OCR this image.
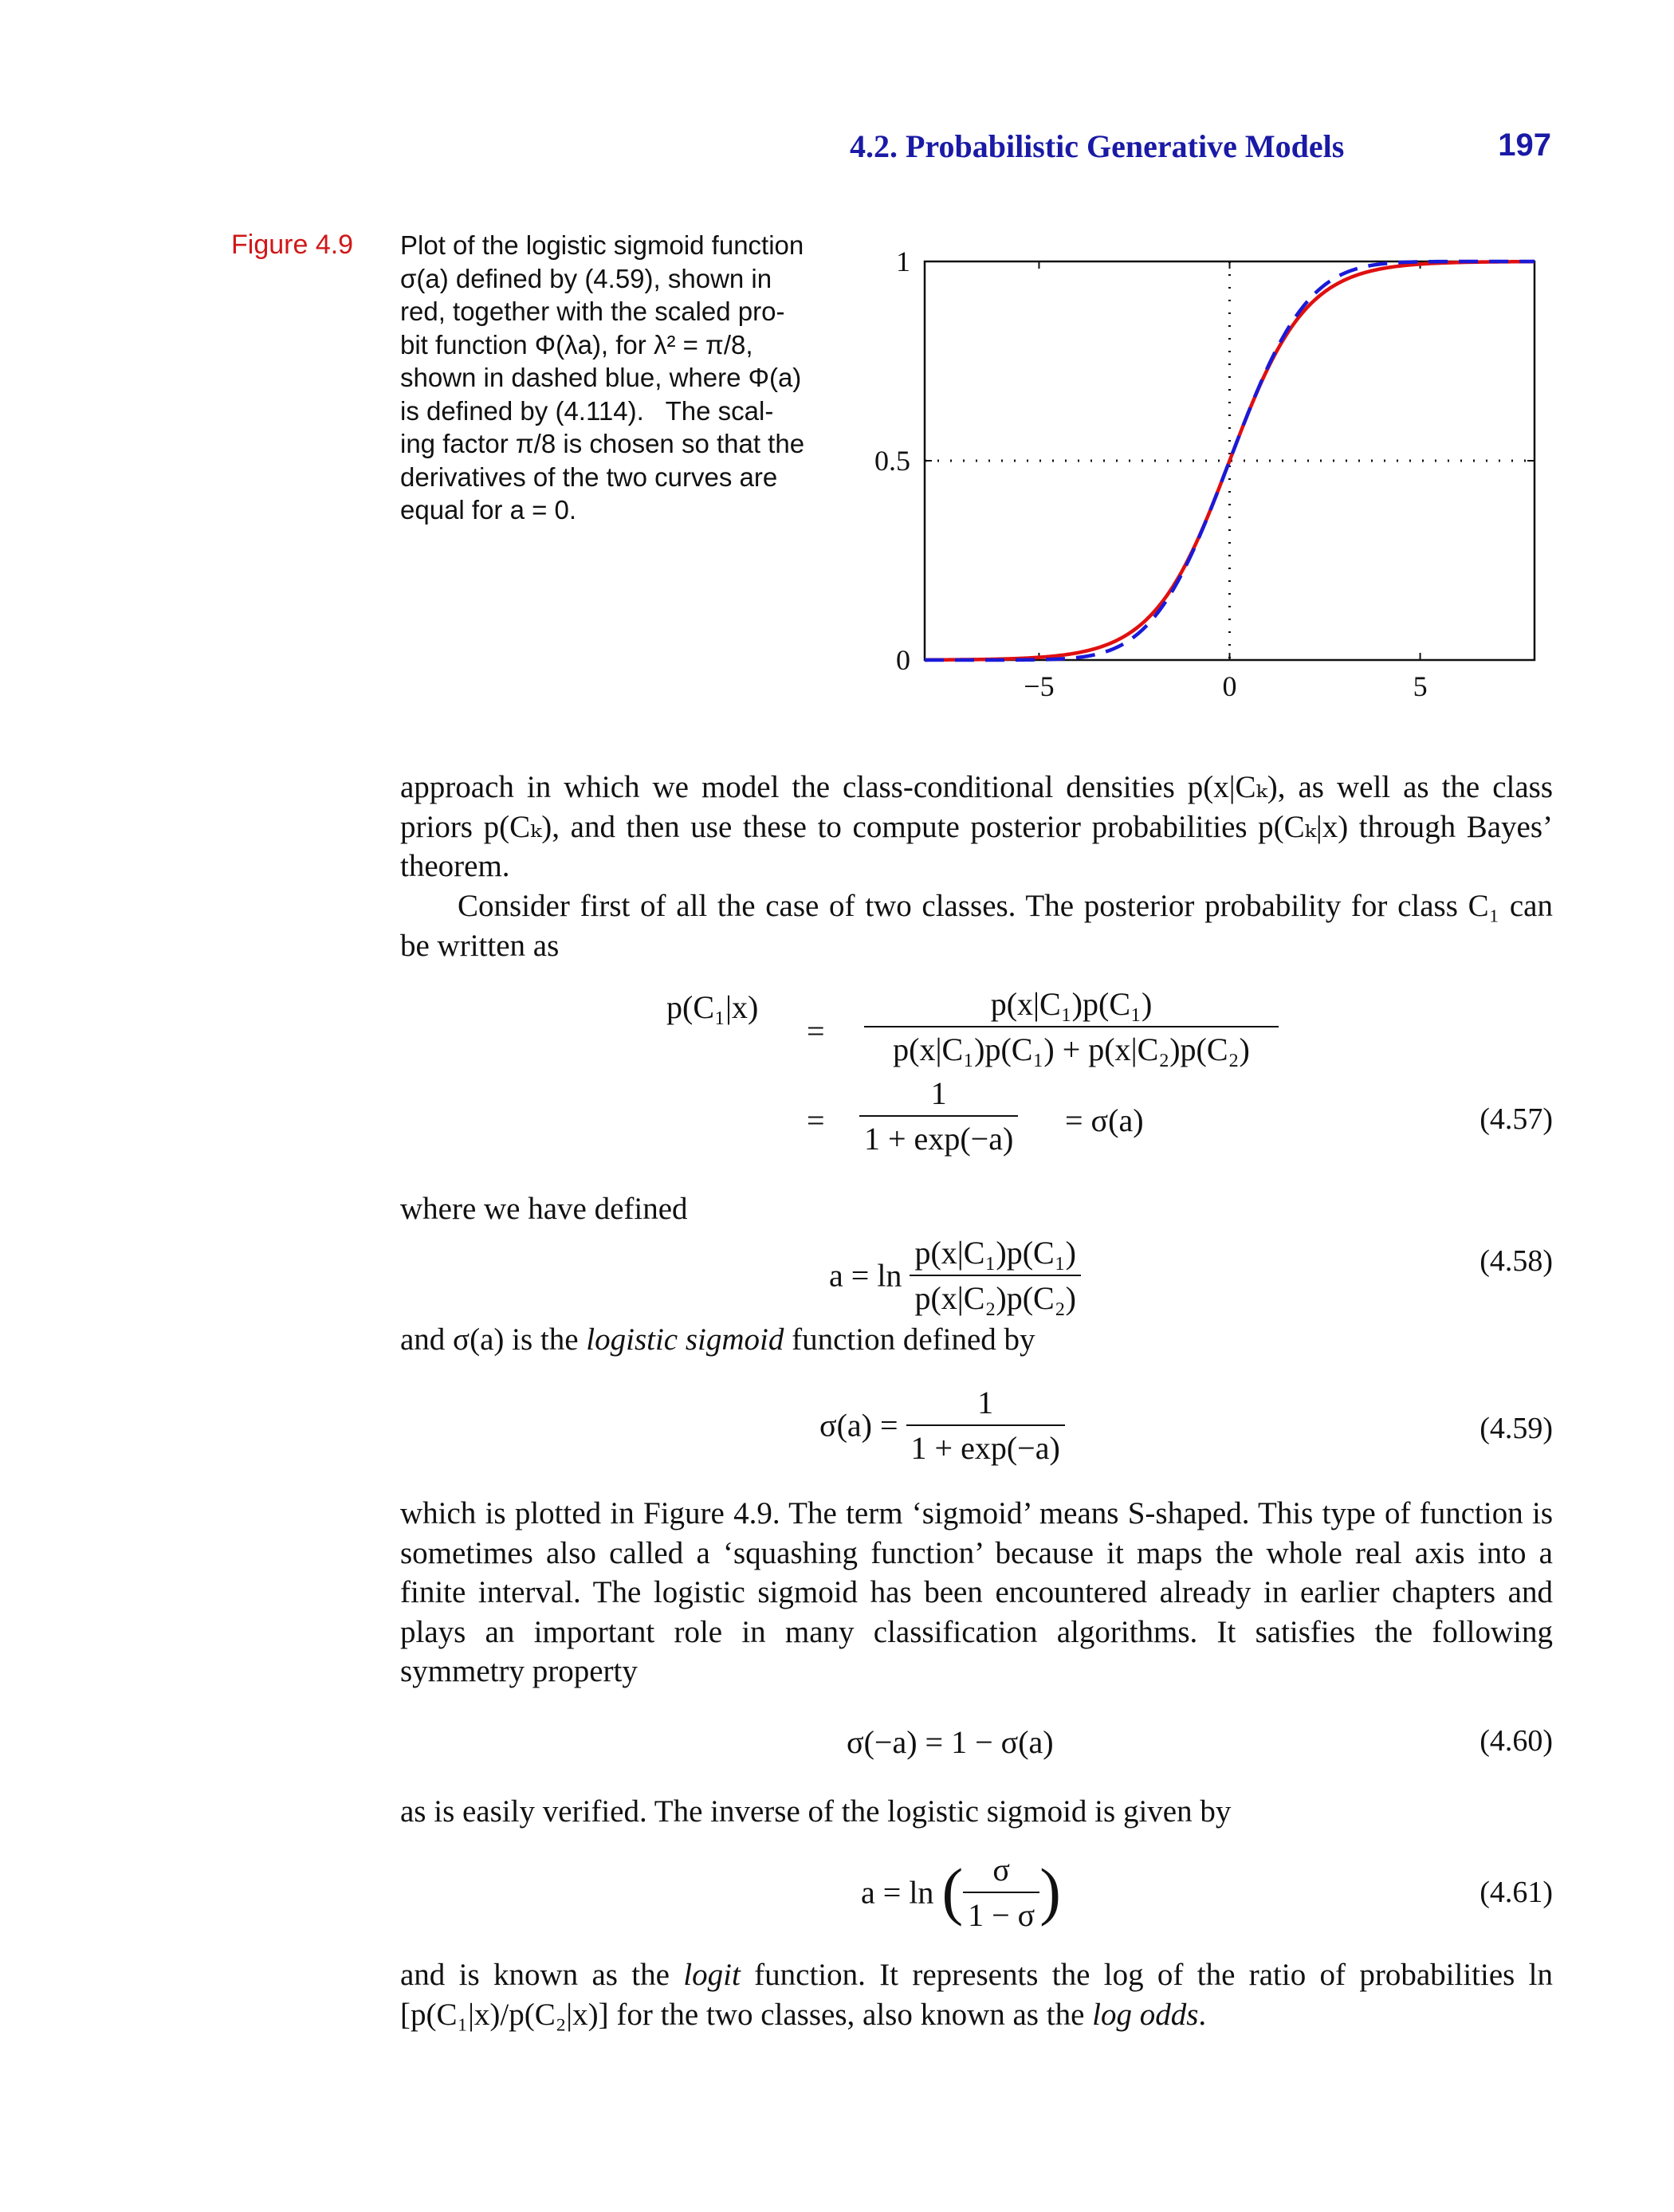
4.2. Probabilistic Generative Models	197
Figure 4.9 Plot of the logistic sigmoid function
σ(a) defined by (4.59), shown in
red, together with the scaled pro-
bit function Φ(λa), for λ² = π/8,
shown in dashed blue, where Φ(a)
is defined by (4.114).   The scal-
ing factor π/8 is chosen so that the
derivatives of the two curves are
equal for a = 0.
−5	0	5
0
0.5
1
approach in which we model the class-conditional densities p(x|Cₖ), as well as the class priors p(Cₖ), and then use these to compute posterior probabilities p(Cₖ|x) through Bayes’ theorem.
Consider first of all the case of two classes. The posterior probability for class C₁ can be written as
p(C₁|x)
= $\frac{\text{p(x|C₁)p(C₁)}}{\text{p(x|C₁)p(C₁) + p(x|C₂)p(C₂)}}$
= $\frac{1}{1 + \exp(-a)} = \sigma(a)$	(4.57)
where we have defined
$a = \ln \frac{\text{p(x|C₁)p(C₁)}}{\text{p(x|C₂)p(C₂)}}$	(4.58)
and σ(a) is the logistic sigmoid function defined by
$\sigma(a) = \frac{1}{1 + \exp(-a)}$	(4.59)
which is plotted in Figure 4.9. The term ‘sigmoid’ means S-shaped. This type of function is sometimes also called a ‘squashing function’ because it maps the whole real axis into a finite interval. The logistic sigmoid has been encountered already in earlier chapters and plays an important role in many classification algorithms. It satisfies the following symmetry property
σ(−a) = 1 − σ(a)	(4.60)
as is easily verified. The inverse of the logistic sigmoid is given by
a = ln ( $\frac{\sigma}{1 - \sigma}$ )	(4.61)
and is known as the logit function. It represents the log of the ratio of probabilities ln [p(C₁|x)/p(C₂|x)] for the two classes, also known as the log odds.
